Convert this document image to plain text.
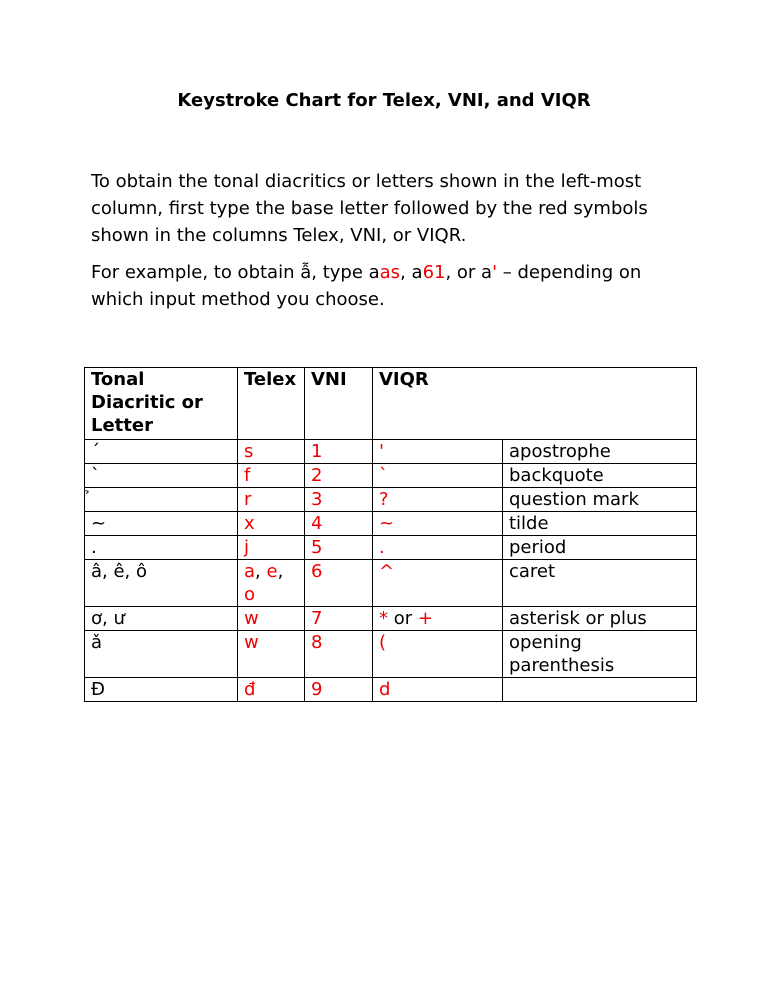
Keystroke Chart for Telex, VNI, and VIQR

To obtain the tonal diacritics or letters shown in the left-most column, first type the base letter followed by the red symbols shown in the columns Telex, VNI, or VIQR.

For example, to obtain ẫ, type aas, a61, or a' – depending on which input method you choose.

Tonal Diacritic or Letter	Telex	VNI	VIQR	
´	s	1	'	apostrophe
`	f	2	`	backquote
	r	3	?	question mark
~	x	4	~	tilde
.	j	5	.	period
â, ê, ô	a, e, o	6	^	caret
ơ, ư	w	7	* or +	asterisk or plus
ǎ	w	8	(	opening parenthesis
Đ	đ	9	d	
